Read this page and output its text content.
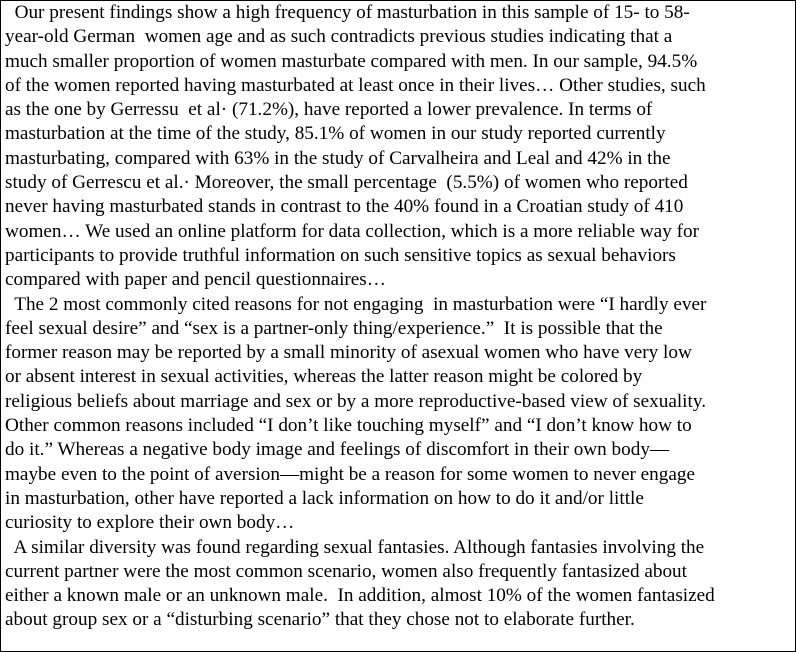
Our present findings show a high frequency of masturbation in this sample of 15- to 58-
year-old German  women age and as such contradicts previous studies indicating that a
much smaller proportion of women masturbate compared with men. In our sample, 94.5%
of the women reported having masturbated at least once in their lives… Other studies, such
as the one by Gerressu  et al· (71.2%), have reported a lower prevalence. In terms of
masturbation at the time of the study, 85.1% of women in our study reported currently
masturbating, compared with 63% in the study of Carvalheira and Leal and 42% in the
study of Gerrescu et al.· Moreover, the small percentage  (5.5%) of women who reported
never having masturbated stands in contrast to the 40% found in a Croatian study of 410
women… We used an online platform for data collection, which is a more reliable way for
participants to provide truthful information on such sensitive topics as sexual behaviors
compared with paper and pencil questionnaires…
The 2 most commonly cited reasons for not engaging  in masturbation were “I hardly ever
feel sexual desire” and “sex is a partner-only thing/experience.”  It is possible that the
former reason may be reported by a small minority of asexual women who have very low
or absent interest in sexual activities, whereas the latter reason might be colored by
religious beliefs about marriage and sex or by a more reproductive-based view of sexuality.
Other common reasons included “I don’t like touching myself” and “I don’t know how to
do it.” Whereas a negative body image and feelings of discomfort in their own body—
maybe even to the point of aversion—might be a reason for some women to never engage
in masturbation, other have reported a lack information on how to do it and/or little
curiosity to explore their own body…
A similar diversity was found regarding sexual fantasies. Although fantasies involving the
current partner were the most common scenario, women also frequently fantasized about
either a known male or an unknown male.  In addition, almost 10% of the women fantasized
about group sex or a “disturbing scenario” that they chose not to elaborate further.
